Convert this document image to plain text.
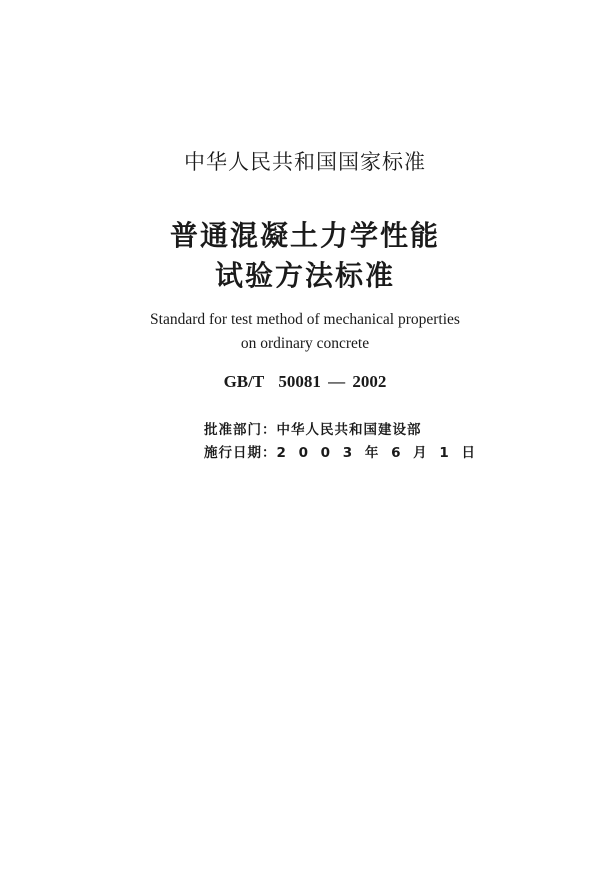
中华人民共和国国家标准
普通混凝土力学性能
试验方法标准
Standard for test method of mechanical properties
on ordinary concrete
GB/T  50081 — 2002
批准部门：中华人民共和国建设部
施行日期：2 0 0 3 年 6 月 1 日
